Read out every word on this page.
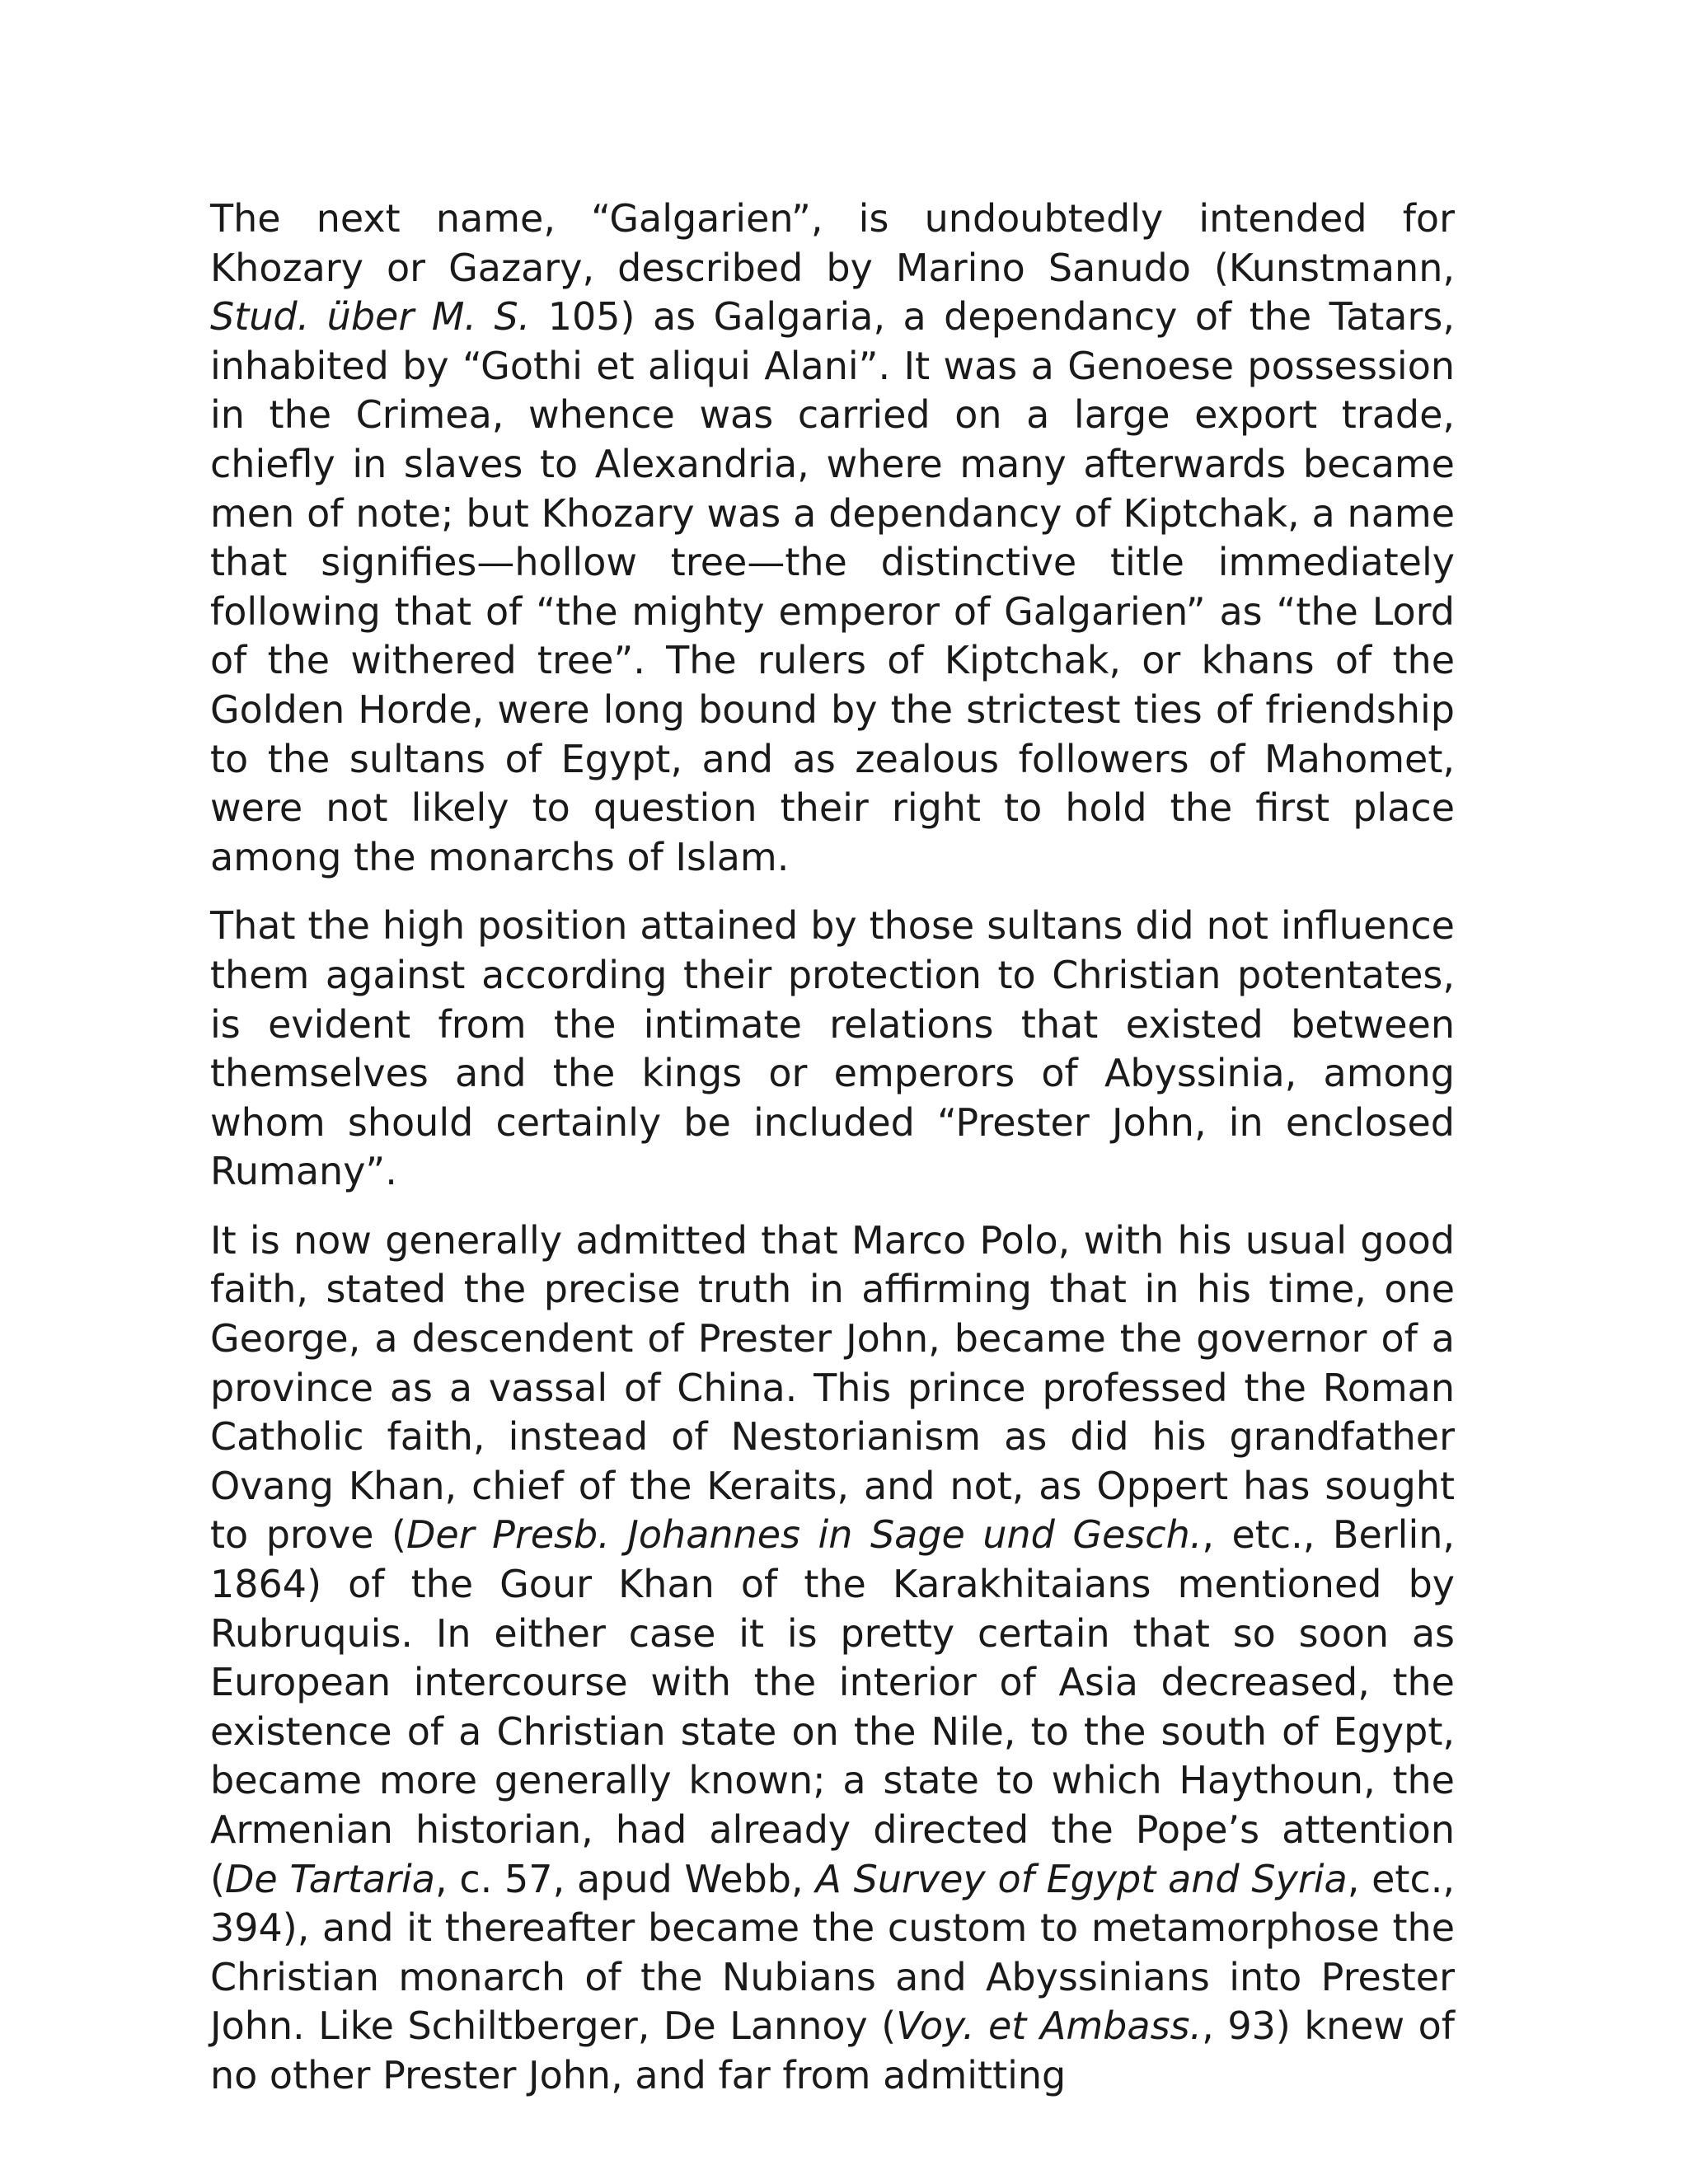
The next name, “Galgarien”, is undoubtedly intended for Khozary or Gazary, described by Marino Sanudo (Kunstmann, Stud. über M. S. 105) as Galgaria, a dependancy of the Tatars, inhabited by “Gothi et aliqui Alani”. It was a Genoese possession in the Crimea, whence was carried on a large export trade, chiefly in slaves to Alexandria, where many afterwards became men of note; but Khozary was a dependancy of Kiptchak, a name that signifies—hollow tree—the distinctive title immediately following that of “the mighty emperor of Galgarien” as “the Lord of the withered tree”. The rulers of Kiptchak, or khans of the Golden Horde, were long bound by the strictest ties of friendship to the sultans of Egypt, and as zealous followers of Mahomet, were not likely to question their right to hold the first place among the monarchs of Islam.

That the high position attained by those sultans did not influence them against according their protection to Christian potentates, is evident from the intimate relations that existed between themselves and the kings or emperors of Abyssinia, among whom should certainly be included “Prester John, in enclosed Rumany”.

It is now generally admitted that Marco Polo, with his usual good faith, stated the precise truth in affirming that in his time, one George, a descendent of Prester John, became the governor of a province as a vassal of China. This prince professed the Roman Catholic faith, instead of Nestorianism as did his grandfather Ovang Khan, chief of the Keraits, and not, as Oppert has sought to prove (Der Presb. Johannes in Sage und Gesch., etc., Berlin, 1864) of the Gour Khan of the Karakhitaians mentioned by Rubruquis. In either case it is pretty certain that so soon as European intercourse with the interior of Asia decreased, the existence of a Christian state on the Nile, to the south of Egypt, became more generally known; a state to which Haythoun, the Armenian historian, had already directed the Pope’s attention (De Tartaria, c. 57, apud Webb, A Survey of Egypt and Syria, etc., 394), and it thereafter became the custom to metamorphose the Christian monarch of the Nubians and Abyssinians into Prester John. Like Schiltberger, De Lannoy (Voy. et Ambass., 93) knew of no other Prester John, and far from admitting
